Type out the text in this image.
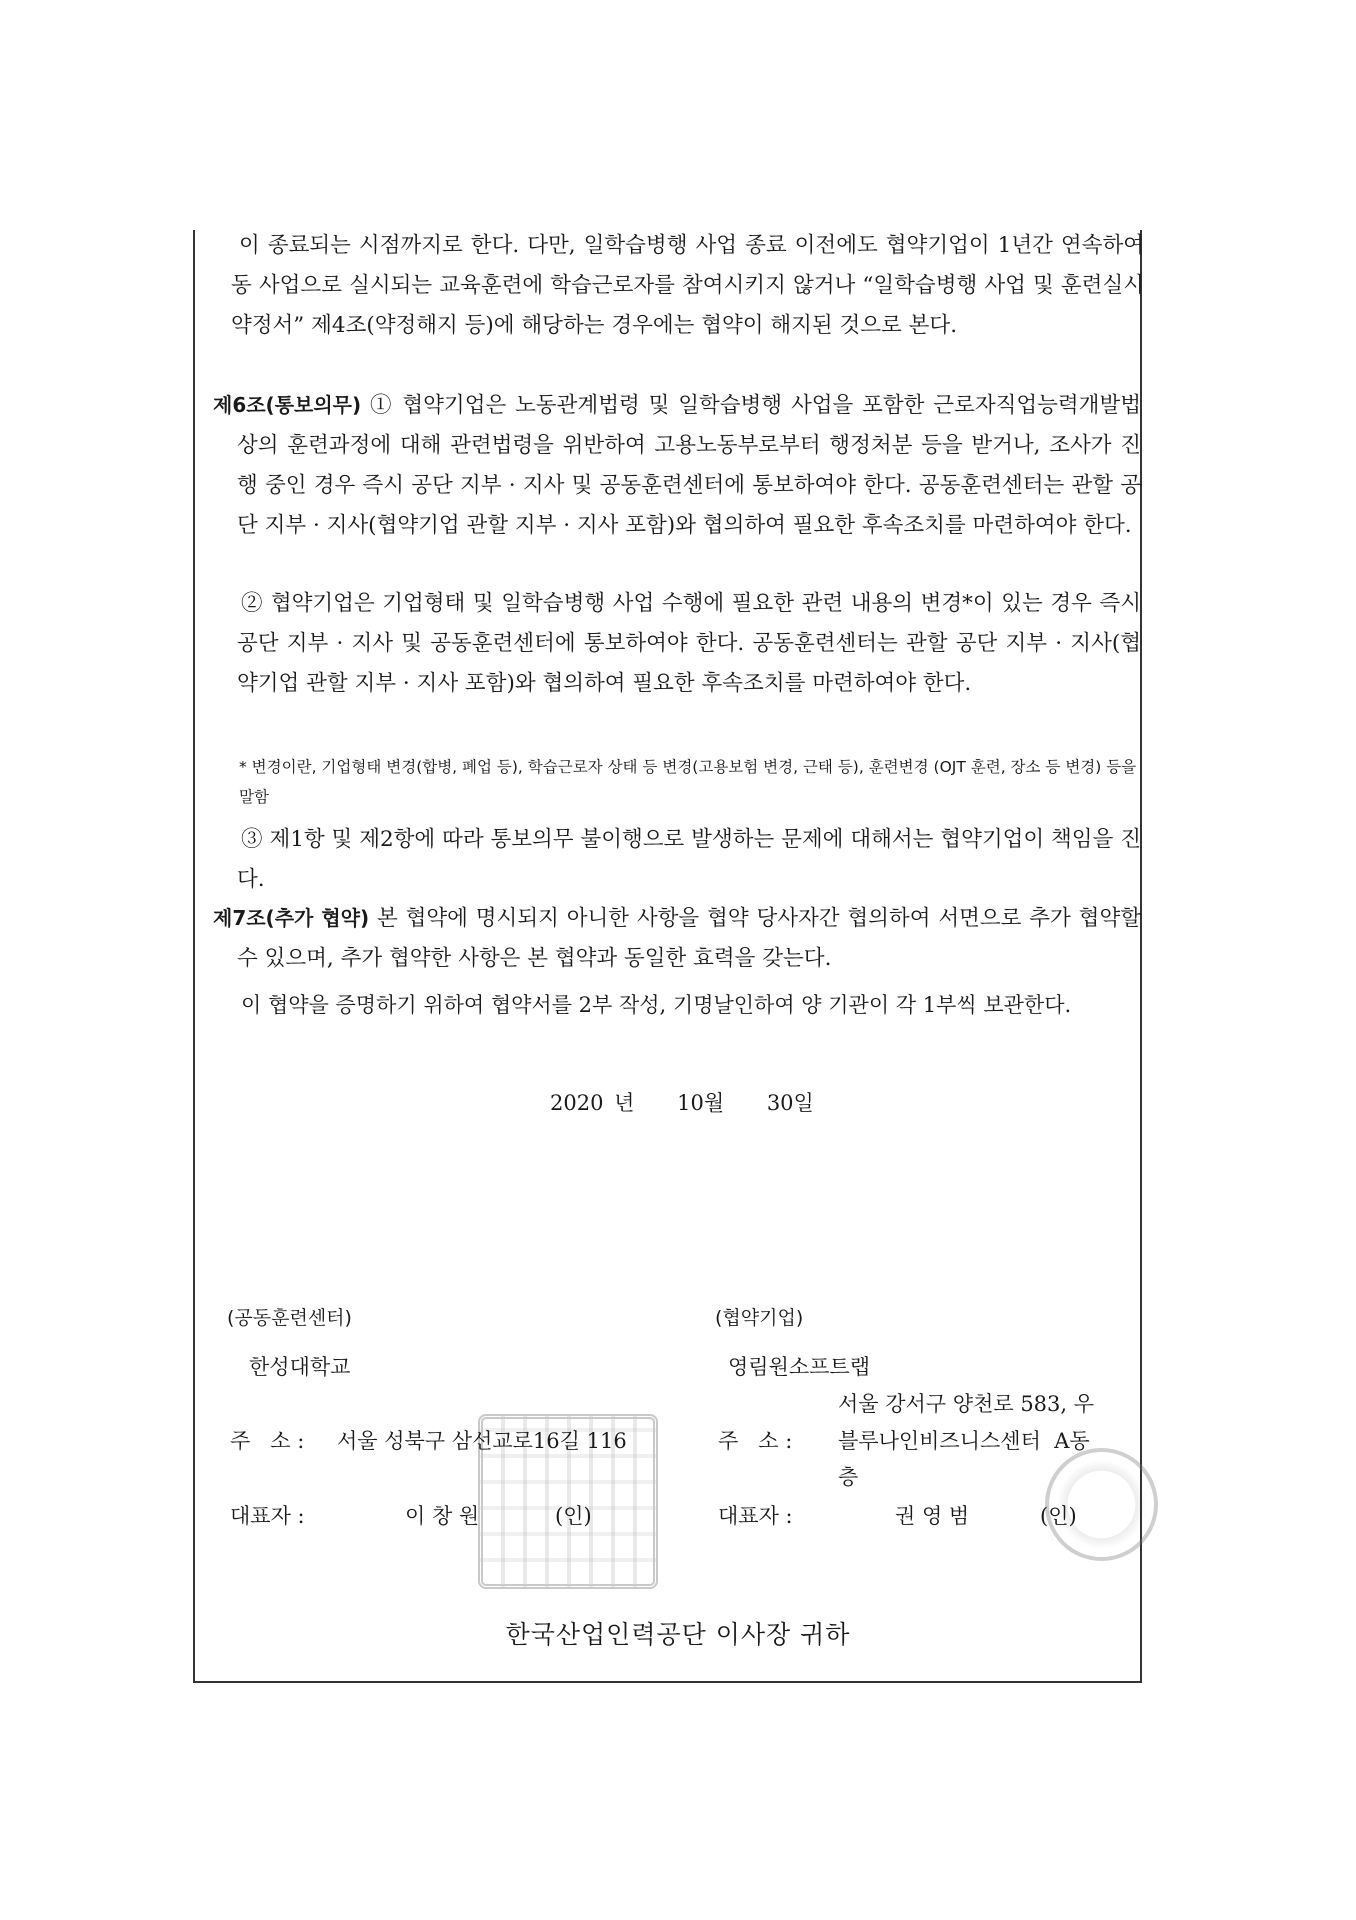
이 종료되는 시점까지로 한다. 다만, 일학습병행 사업 종료 이전에도 협약기업이 1년간 연속하여 동 사업으로 실시되는 교육훈련에 학습근로자를 참여시키지 않거나 “일학습병행 사업 및 훈련실시 약정서” 제4조(약정해지 등)에 해당하는 경우에는 협약이 해지된 것으로 본다.

제6조(통보의무) ① 협약기업은 노동관계법령 및 일학습병행 사업을 포함한 근로자직업능력개발법 상의 훈련과정에 대해 관련법령을 위반하여 고용노동부로부터 행정처분 등을 받거나, 조사가 진행 중인 경우 즉시 공단 지부 · 지사 및 공동훈련센터에 통보하여야 한다. 공동훈련센터는 관할 공단 지부 · 지사(협약기업 관할 지부 · 지사 포함)와 협의하여 필요한 후속조치를 마련하여야 한다.

② 협약기업은 기업형태 및 일학습병행 사업 수행에 필요한 관련 내용의 변경*이 있는 경우 즉시 공단 지부 · 지사 및 공동훈련센터에 통보하여야 한다. 공동훈련센터는 관할 공단 지부 · 지사(협약기업 관할 지부 · 지사 포함)와 협의하여 필요한 후속조치를 마련하여야 한다.

* 변경이란, 기업형태 변경(합병, 폐업 등), 학습근로자 상태 등 변경(고용보험 변경, 근태 등), 훈련변경 (OJT 훈련, 장소 등 변경) 등을 말함

③ 제1항 및 제2항에 따라 통보의무 불이행으로 발생하는 문제에 대해서는 협약기업이 책임을 진다.

제7조(추가 협약) 본 협약에 명시되지 아니한 사항을 협약 당사자간 협의하여 서면으로 추가 협약할 수 있으며, 추가 협약한 사항은 본 협약과 동일한 효력을 갖는다.

이 협약을 증명하기 위하여 협약서를 2부 작성, 기명날인하여 양 기관이 각 1부씩 보관한다.

2020 년    10월    30일
(공동훈련센터)
한성대학교
주   소 : 서울 성북구 삼선교로16길 116
대표자 :	이 창 원	(인)
(협약기업)
영림원소프트랩
서울 강서구 양천로 583, 우
주   소 : 블루나인비즈니스센터  A동
층
대표자 :	권 영 범	(인)
한국산업인력공단 이사장 귀하
